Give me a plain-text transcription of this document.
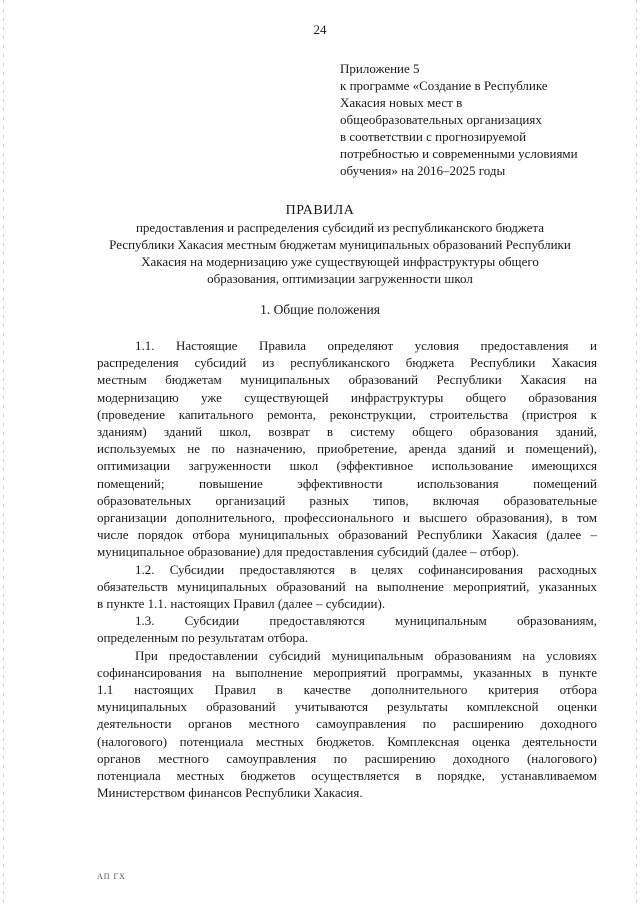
24
Приложение 5
к программе «Создание в Республике
Хакасия новых мест в
общеобразовательных организациях
в соответствии с прогнозируемой
потребностью и современными условиями
обучения» на 2016–2025 годы
ПРАВИЛА
предоставления и распределения субсидий из республиканского бюджета
Республики Хакасия местным бюджетам муниципальных образований Республики
Хакасия на модернизацию уже существующей инфраструктуры общего
образования, оптимизации загруженности школ
1. Общие положения
1.1. Настоящие Правила определяют условия предоставления и
распределения субсидий из республиканского бюджета Республики Хакасия
местным бюджетам муниципальных образований Республики Хакасия на
модернизацию уже существующей инфраструктуры общего образования
(проведение капитального ремонта, реконструкции, строительства (пристроя к
зданиям) зданий школ, возврат в систему общего образования зданий,
используемых не по назначению, приобретение, аренда зданий и помещений),
оптимизации загруженности школ (эффективное использование имеющихся
помещений; повышение эффективности использования помещений
образовательных организаций разных типов, включая образовательные
организации дополнительного, профессионального и высшего образования), в том
числе порядок отбора муниципальных образований Республики Хакасия (далее –
муниципальное образование) для предоставления субсидий (далее – отбор).
1.2. Субсидии предоставляются в целях софинансирования расходных
обязательств муниципальных образований на выполнение мероприятий, указанных
в пункте 1.1. настоящих Правил (далее – субсидии).
1.3. Субсидии предоставляются муниципальным образованиям,
определенным по результатам отбора.
При предоставлении субсидий муниципальным образованиям на условиях
софинансирования на выполнение мероприятий программы, указанных в пункте
1.1 настоящих Правил в качестве дополнительного критерия отбора
муниципальных образований учитываются результаты комплексной оценки
деятельности органов местного самоуправления по расширению доходного
(налогового) потенциала местных бюджетов. Комплексная оценка деятельности
органов местного самоуправления по расширению доходного (налогового)
потенциала местных бюджетов осуществляется в порядке, устанавливаемом
Министерством финансов Республики Хакасия.
АП ГХ
